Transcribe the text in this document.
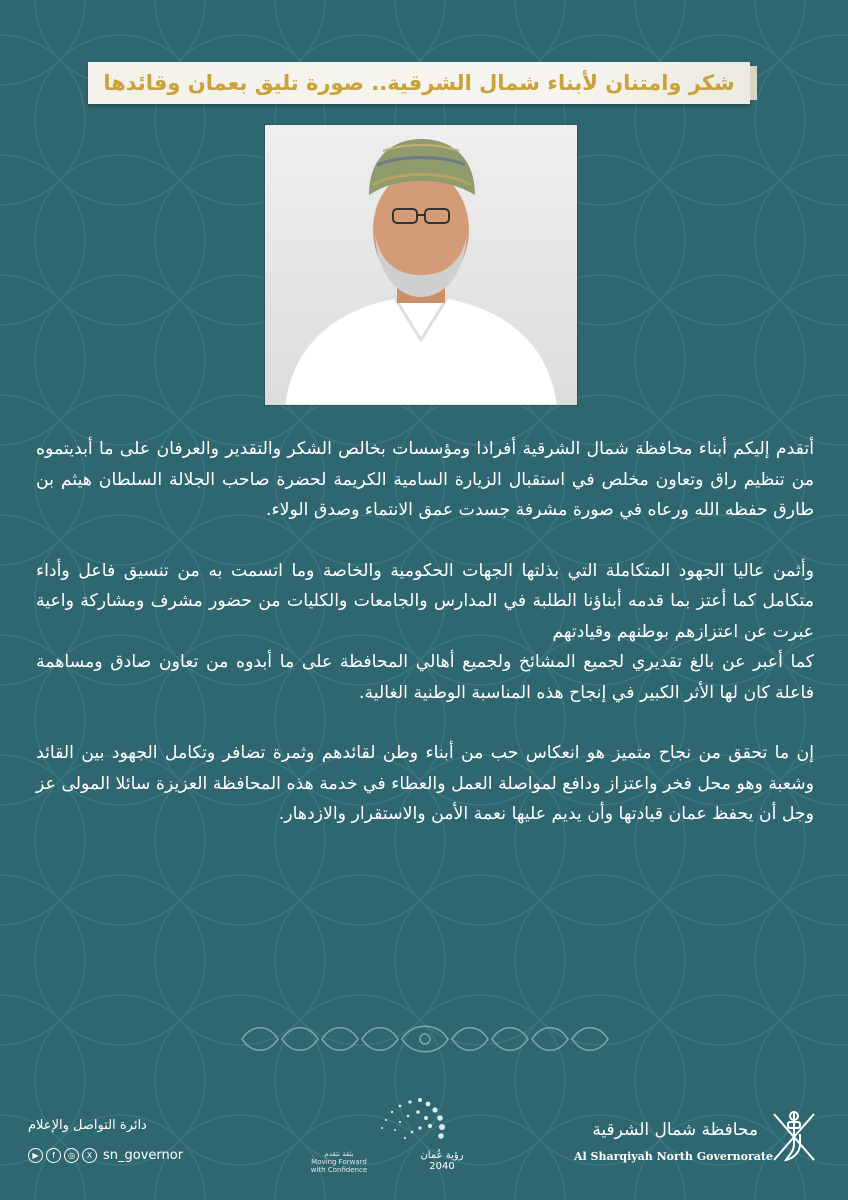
شكر وامتنان لأبناء شمال الشرقية.. صورة تليق بعمان وقائدها

أتقدم إليكم أبناء محافظة شمال الشرقية أفرادا ومؤسسات بخالص الشكر والتقدير والعرفان على ما أبديتموه من تنظيم راق وتعاون مخلص في استقبال الزيارة السامية الكريمة لحضرة صاحب الجلالة السلطان هيثم بن طارق حفظه الله ورعاه في صورة مشرفة جسدت عمق الانتماء وصدق الولاء.

وأثمن عاليا الجهود المتكاملة التي بذلتها الجهات الحكومية والخاصة وما اتسمت به من تنسيق فاعل وأداء متكامل كما أعتز بما قدمه أبناؤنا الطلبة في المدارس والجامعات والكليات من حضور مشرف ومشاركة واعية عبرت عن اعتزازهم بوطنهم وقيادتهم

كما أعبر عن بالغ تقديري لجميع المشائخ ولجميع أهالي المحافظة على ما أبدوه من تعاون صادق ومساهمة فاعلة كان لها الأثر الكبير في إنجاح هذه المناسبة الوطنية الغالية.

إن ما تحقق من نجاح متميز هو انعكاس حب من أبناء وطن لقائدهم وثمرة تضافر وتكامل الجهود بين القائد وشعبة وهو محل فخر واعتزاز ودافع لمواصلة العمل والعطاء في خدمة هذه المحافظة العزيزة سائلا المولى عز وجل أن يحفظ عمان قيادتها وأن يديم عليها نعمة الأمن والاستقرار والازدهار.

دائرة التواصل والإعلام
▶	f	◎	X sn_governor	رؤية عُمان 2040
بثقة نتقدم
Moving Forward with Confidence
محافظة شمال الشرقية
Al Sharqiyah North Governorate
